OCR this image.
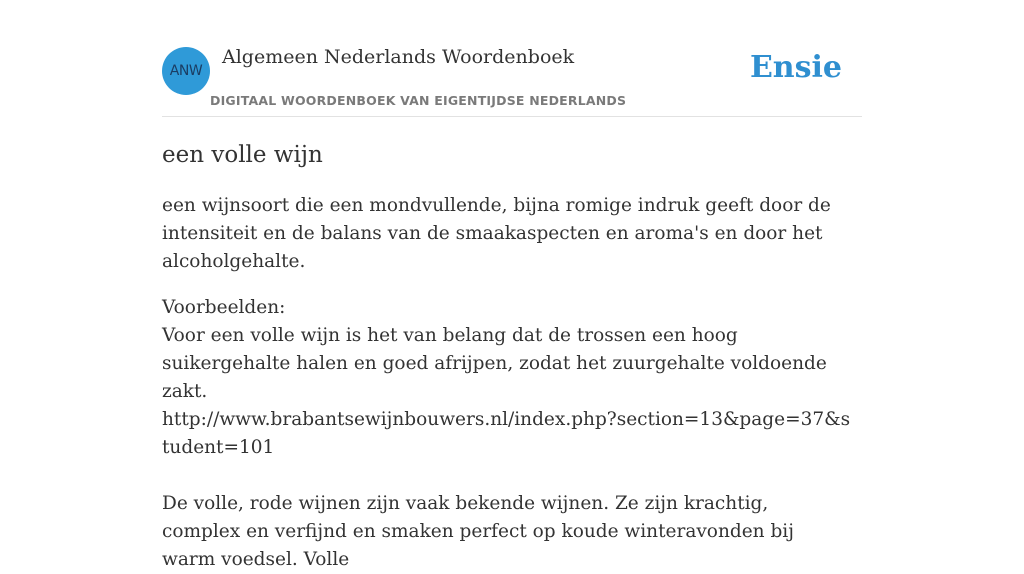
ANW
Algemeen Nederlands Woordenboek
DIGITAAL WOORDENBOEK VAN EIGENTIJDSE NEDERLANDS
Ensie
een volle wijn

een wijnsoort die een mondvullende, bijna romige indruk geeft door de intensiteit en de balans van de smaakaspecten en aroma's en door het alcoholgehalte.

Voorbeelden:

Voor een volle wijn is het van belang dat de trossen een hoog suikergehalte halen en goed afrijpen, zodat het zuurgehalte voldoende zakt.

http://www.brabantsewijnbouwers.nl/index.php?section=13&page=37&student=101

De volle, rode wijnen zijn vaak bekende wijnen. Ze zijn krachtig, complex en verfijnd en smaken perfect op koude winteravonden bij warm voedsel. Volle
